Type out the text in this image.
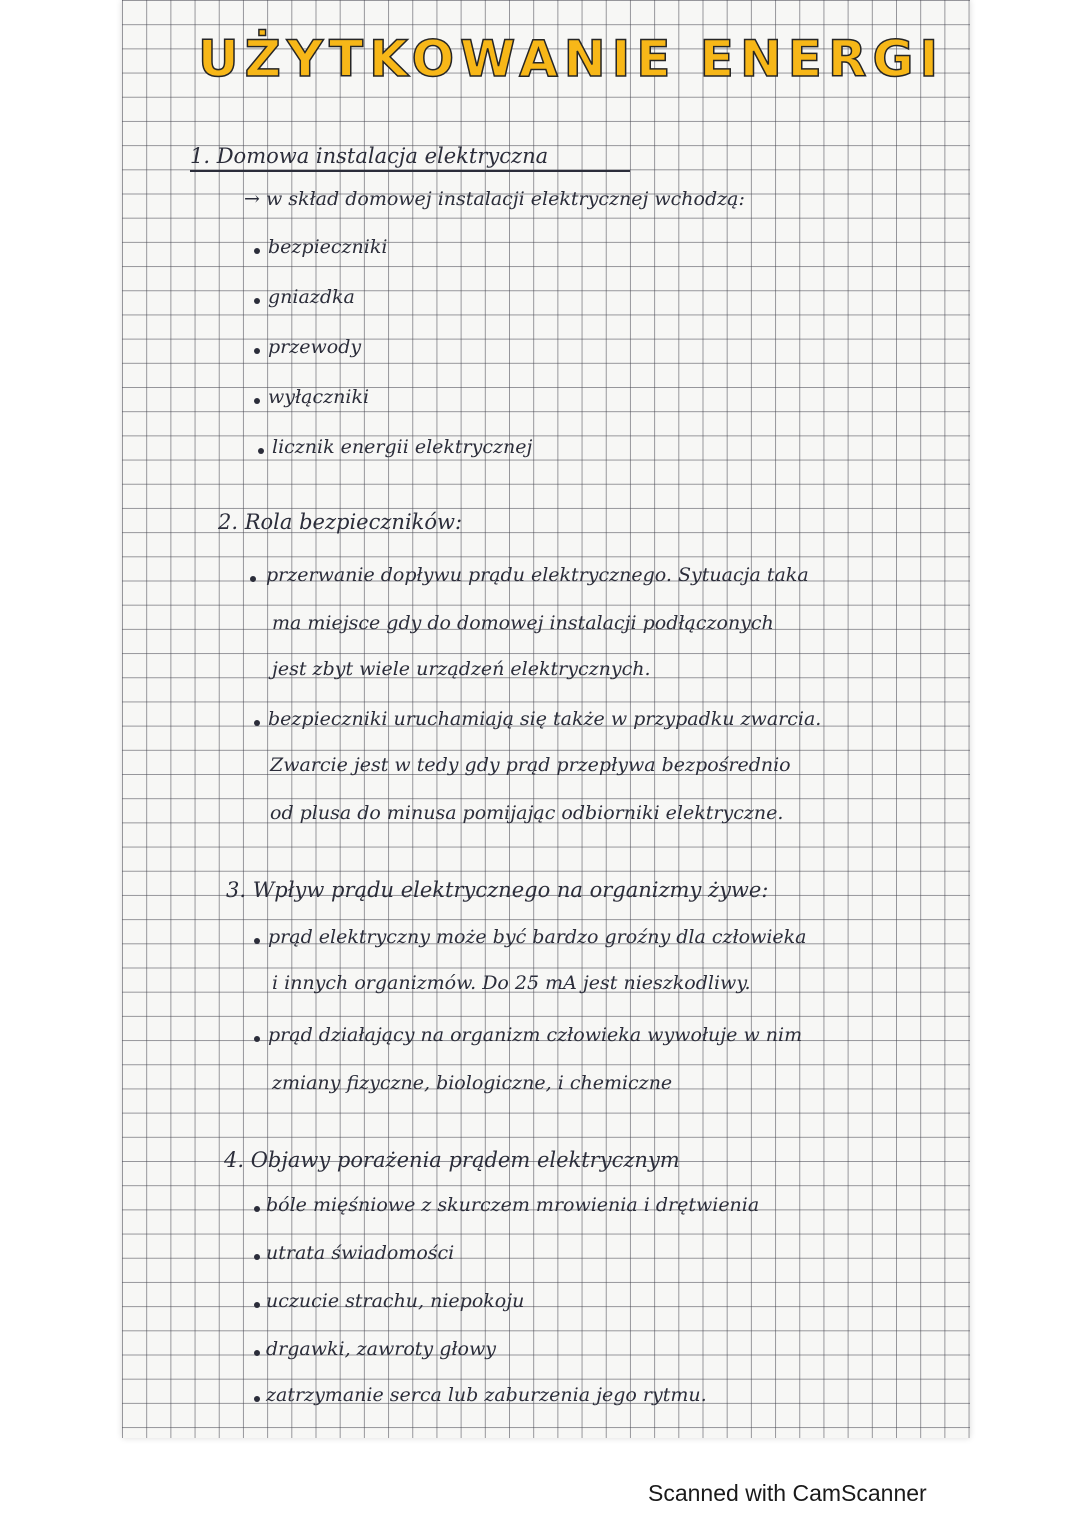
UŻYTKOWANIE ENERGI
1. Domowa instalacja elektryczna
→ w skład domowej instalacji elektrycznej wchodzą:
bezpieczniki
gniazdka
przewody
wyłączniki
licznik energii elektrycznej
2. Rola bezpieczników:
przerwanie dopływu prądu elektrycznego. Sytuacja taka
ma miejsce gdy do domowej instalacji podłączonych
jest zbyt wiele urządzeń elektrycznych.
bezpieczniki uruchamiają się także w przypadku zwarcia.
Zwarcie jest w tedy gdy prąd przepływa bezpośrednio
od plusa do minusa pomijając odbiorniki elektryczne.
3. Wpływ prądu elektrycznego na organizmy żywe:
prąd elektryczny może być bardzo groźny dla człowieka
i innych organizmów. Do 25 mA jest nieszkodliwy.
prąd działający na organizm człowieka wywołuje w nim
zmiany fizyczne, biologiczne, i chemiczne
4. Objawy porażenia prądem elektrycznym
bóle mięśniowe z skurczem mrowienia i drętwienia
utrata świadomości
uczucie strachu, niepokoju
drgawki, zawroty głowy
zatrzymanie serca lub zaburzenia jego rytmu.
Scanned with CamScanner
